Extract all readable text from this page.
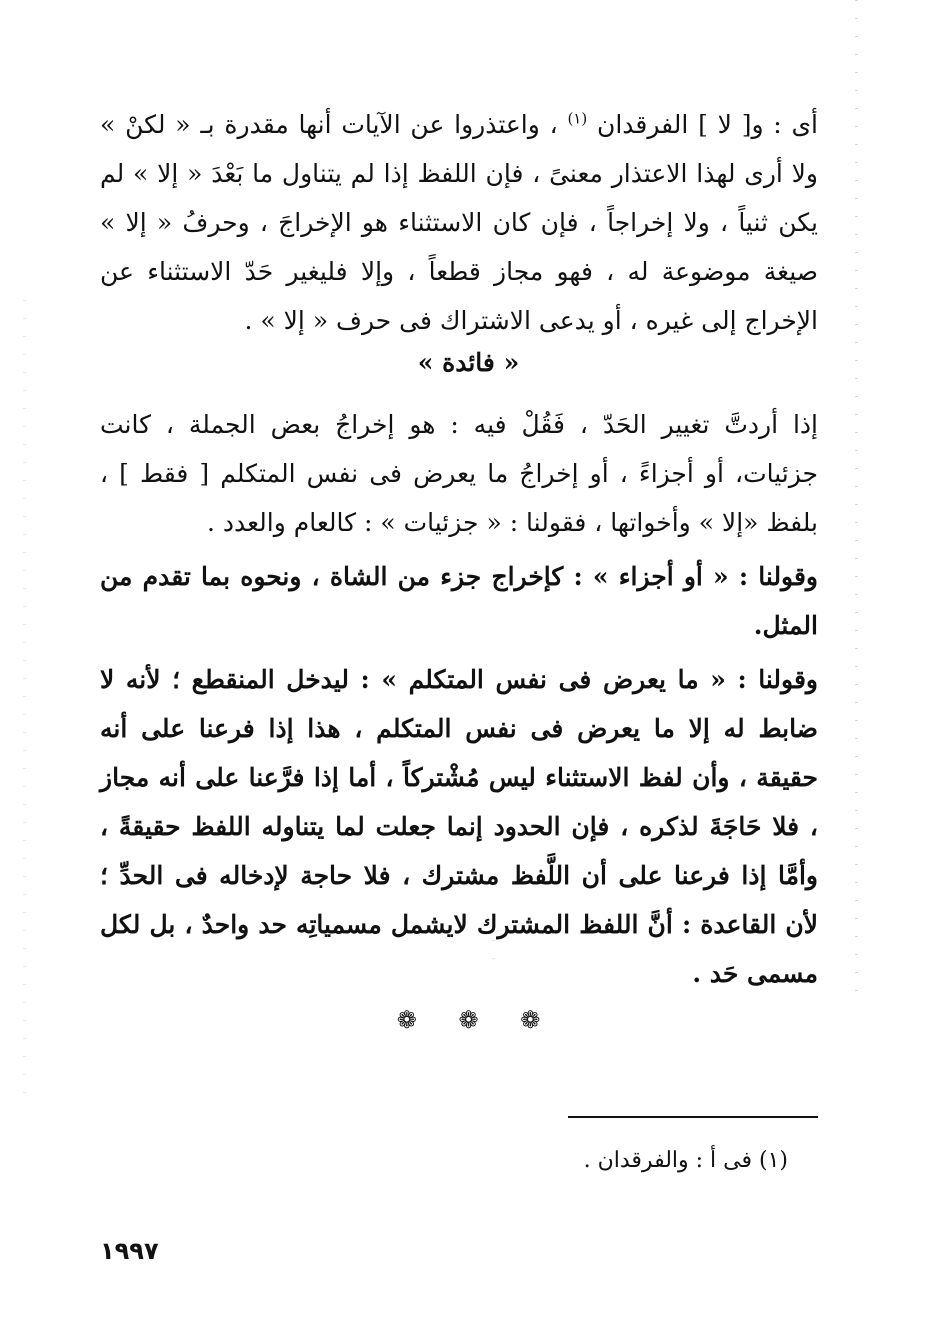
أى : و[ لا ] الفرقدان $^{(١)}$ ، واعتذروا عن الآيات أنها مقدرة بـ « لكنْ » ولا أرى لهذا الاعتذار معنىً ، فإن اللفظ إذا لم يتناول ما بَعْدَ « إلا » لم يكن ثنياً ، ولا إخراجاً ، فإن كان الاستثناء هو الإخراجَ ، وحرفُ « إلا » صيغة موضوعة له ، فهو مجاز قطعاً ، وإلا فليغير حَدّ الاستثناء عن الإخراج إلى غيره ، أو يدعى الاشتراك فى حرف « إلا » .
« فائدة »
إذا أردتَّ تغيير الحَدّ ، فَقُلْ فيه : هو إخراجُ بعض الجملة ، كانت جزئيات، أو أجزاءً ، أو إخراجُ ما يعرض فى نفس المتكلم [ فقط ] ، بلفظ «إلا » وأخواتها ، فقولنا : « جزئيات » : كالعام والعدد .
وقولنا : « أو أجزاء » : كإخراج جزء من الشاة ، ونحوه بما تقدم من المثل.
وقولنا : « ما يعرض فى نفس المتكلم » : ليدخل المنقطع ؛ لأنه لا ضابط له إلا ما يعرض فى نفس المتكلم ، هذا إذا فرعنا على أنه حقيقة ، وأن لفظ الاستثناء ليس مُشْتركاً ، أما إذا فرَّعنا على أنه مجاز ، فلا حَاجَةَ لذكره ، فإن الحدود إنما جعلت لما يتناوله اللفظ حقيقةً ، وأمَّا إذا فرعنا على أن اللَّفظ مشترك ، فلا حاجة لإدخاله فى الحدِّ ؛ لأن القاعدة : أنَّ اللفظ المشترك لايشمل مسمياتِه حد واحدٌ ، بل لكل مسمى حَد .
❁ ❁ ❁
(١) فى أ : والفرقدان .
١٩٩٧
